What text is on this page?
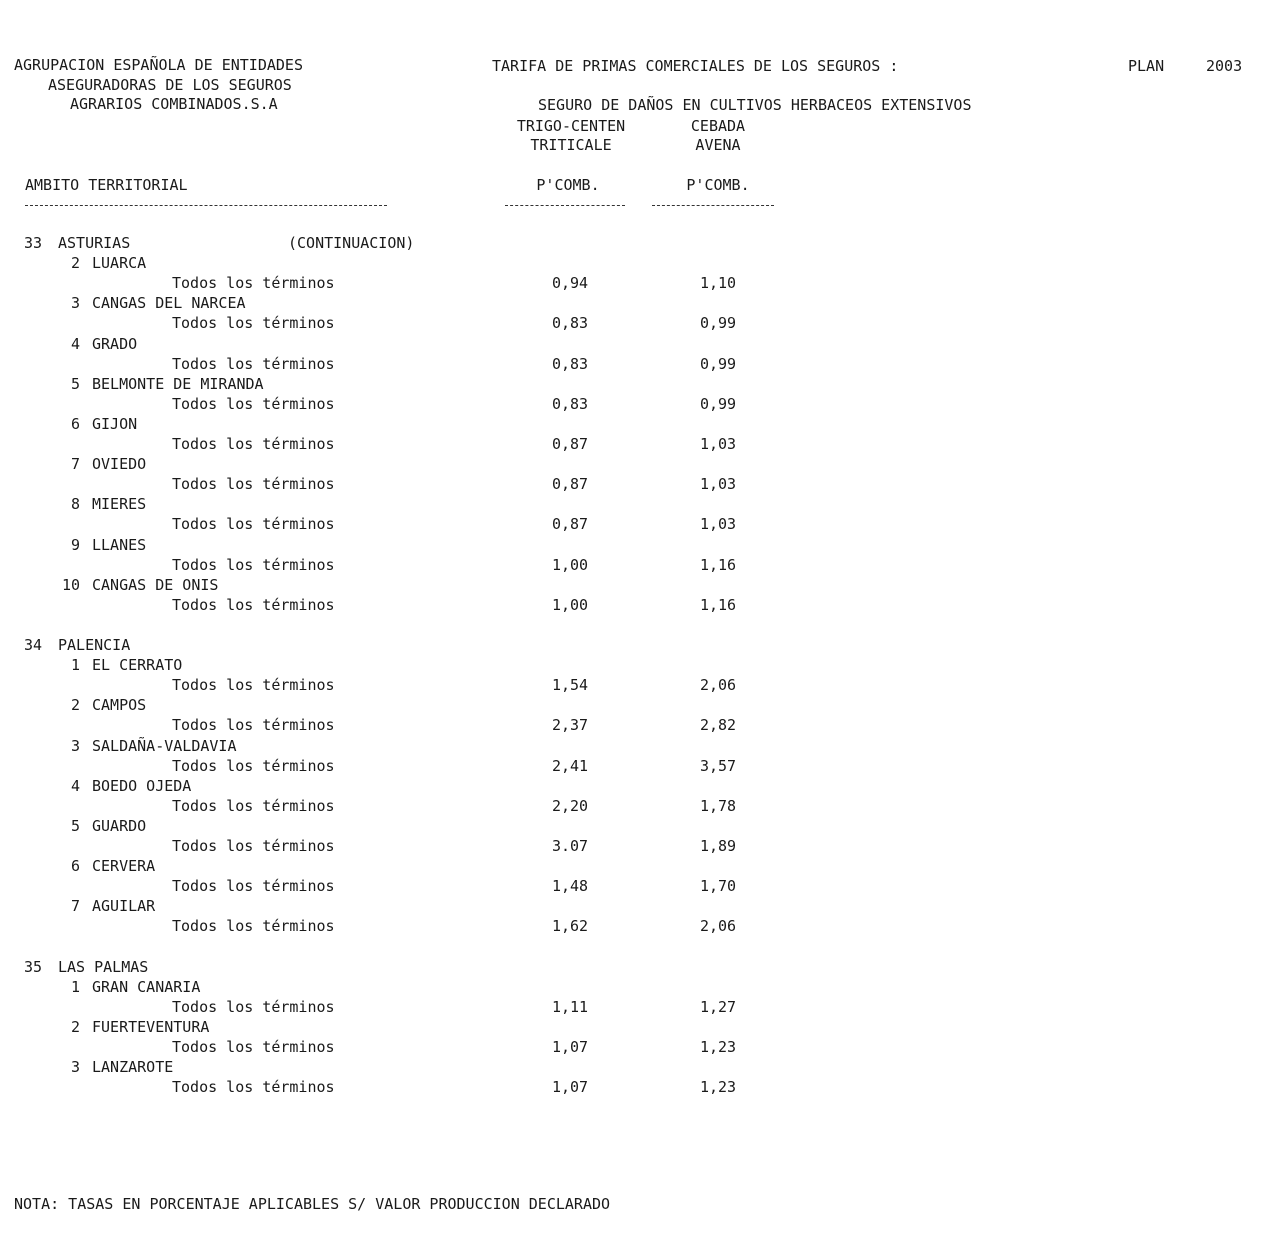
AGRUPACION ESPAÑOLA DE ENTIDADES
ASEGURADORAS DE LOS SEGUROS
AGRARIOS COMBINADOS.S.A
TARIFA DE PRIMAS COMERCIALES DE LOS SEGUROS :	PLAN	2003
SEGURO DE DAÑOS EN CULTIVOS HERBACEOS EXTENSIVOS
TRIGO-CENTEN
TRITICALE
CEBADA
AVENA
AMBITO TERRITORIAL	P'COMB.	P'COMB.
33 ASTURIAS	(CONTINUACION)
2 LUARCA
Todos los términos	0,94	1,10
3 CANGAS DEL NARCEA
Todos los términos	0,83	0,99
4 GRADO
Todos los términos	0,83	0,99
5 BELMONTE DE MIRANDA
Todos los términos	0,83	0,99
6 GIJON
Todos los términos	0,87	1,03
7 OVIEDO
Todos los términos	0,87	1,03
8 MIERES
Todos los términos	0,87	1,03
9 LLANES
Todos los términos	1,00	1,16
10 CANGAS DE ONIS
Todos los términos	1,00	1,16
34 PALENCIA
1 EL CERRATO
Todos los términos	1,54	2,06
2 CAMPOS
Todos los términos	2,37	2,82
3 SALDAÑA-VALDAVIA
Todos los términos	2,41	3,57
4 BOEDO OJEDA
Todos los términos	2,20	1,78
5 GUARDO
Todos los términos	3.07	1,89
6 CERVERA
Todos los términos	1,48	1,70
7 AGUILAR
Todos los términos	1,62	2,06
35 LAS PALMAS
1 GRAN CANARIA
Todos los términos	1,11	1,27
2 FUERTEVENTURA
Todos los términos	1,07	1,23
3 LANZAROTE
Todos los términos	1,07	1,23
NOTA: TASAS EN PORCENTAJE APLICABLES S/ VALOR PRODUCCION DECLARADO
